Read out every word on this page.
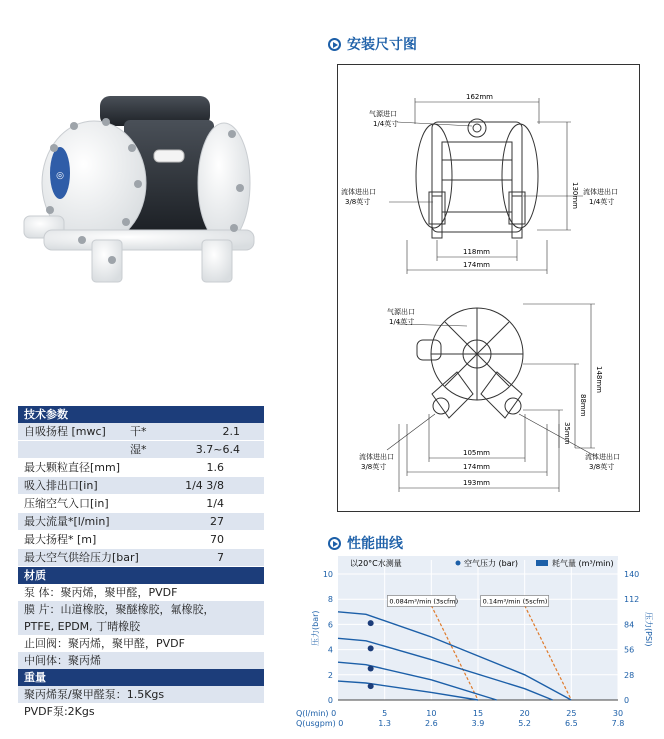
安装尺寸图
性能曲线
◎
162mm
130mm
118mm
174mm
气源进口
1/4英寸
流体进出口
3/8英寸
流体进出口
1/4英寸
气源出口
1/4英寸
148mm
88mm
35mm
105mm
174mm
193mm
流体进出口
3/8英寸
流体进出口
3/8英寸
技术参数
自吸扬程 [mwc]	干*	2.1
湿*	3.7~6.4
最大颗粒直径[mm]	1.6
吸入排出口[in]	1/4 3/8
压缩空气入口[in]	1/4
最大流量*[l/min]	27
最大扬程* [m]	70
最大空气供给压力[bar]	7
材质
泵 体：聚丙烯，聚甲醛，PVDF
膜 片：山道橡胶，聚醚橡胶，氟橡胶，
PTFE, EPDM, 丁晴橡胶
止回阀：聚丙烯，聚甲醛，PVDF
中间体：聚丙烯
重量
聚丙烯泵/聚甲醛泵：1.5Kgs
PVDF泵:2Kgs
0.084m³/min (3scfm)	0.14m³/min (5scfm)
以20°C水测量	空气压力 (bar)	耗气量 (m³/min)
0	0
2	28
4	56
6	84
8	112
10	140
5
1.3
10
2.6
15
3.9
20
5.2
25
6.5
30
7.8
压力(bar)	压力(PSI)
Q(l/min) 0
Q(usgpm) 0
